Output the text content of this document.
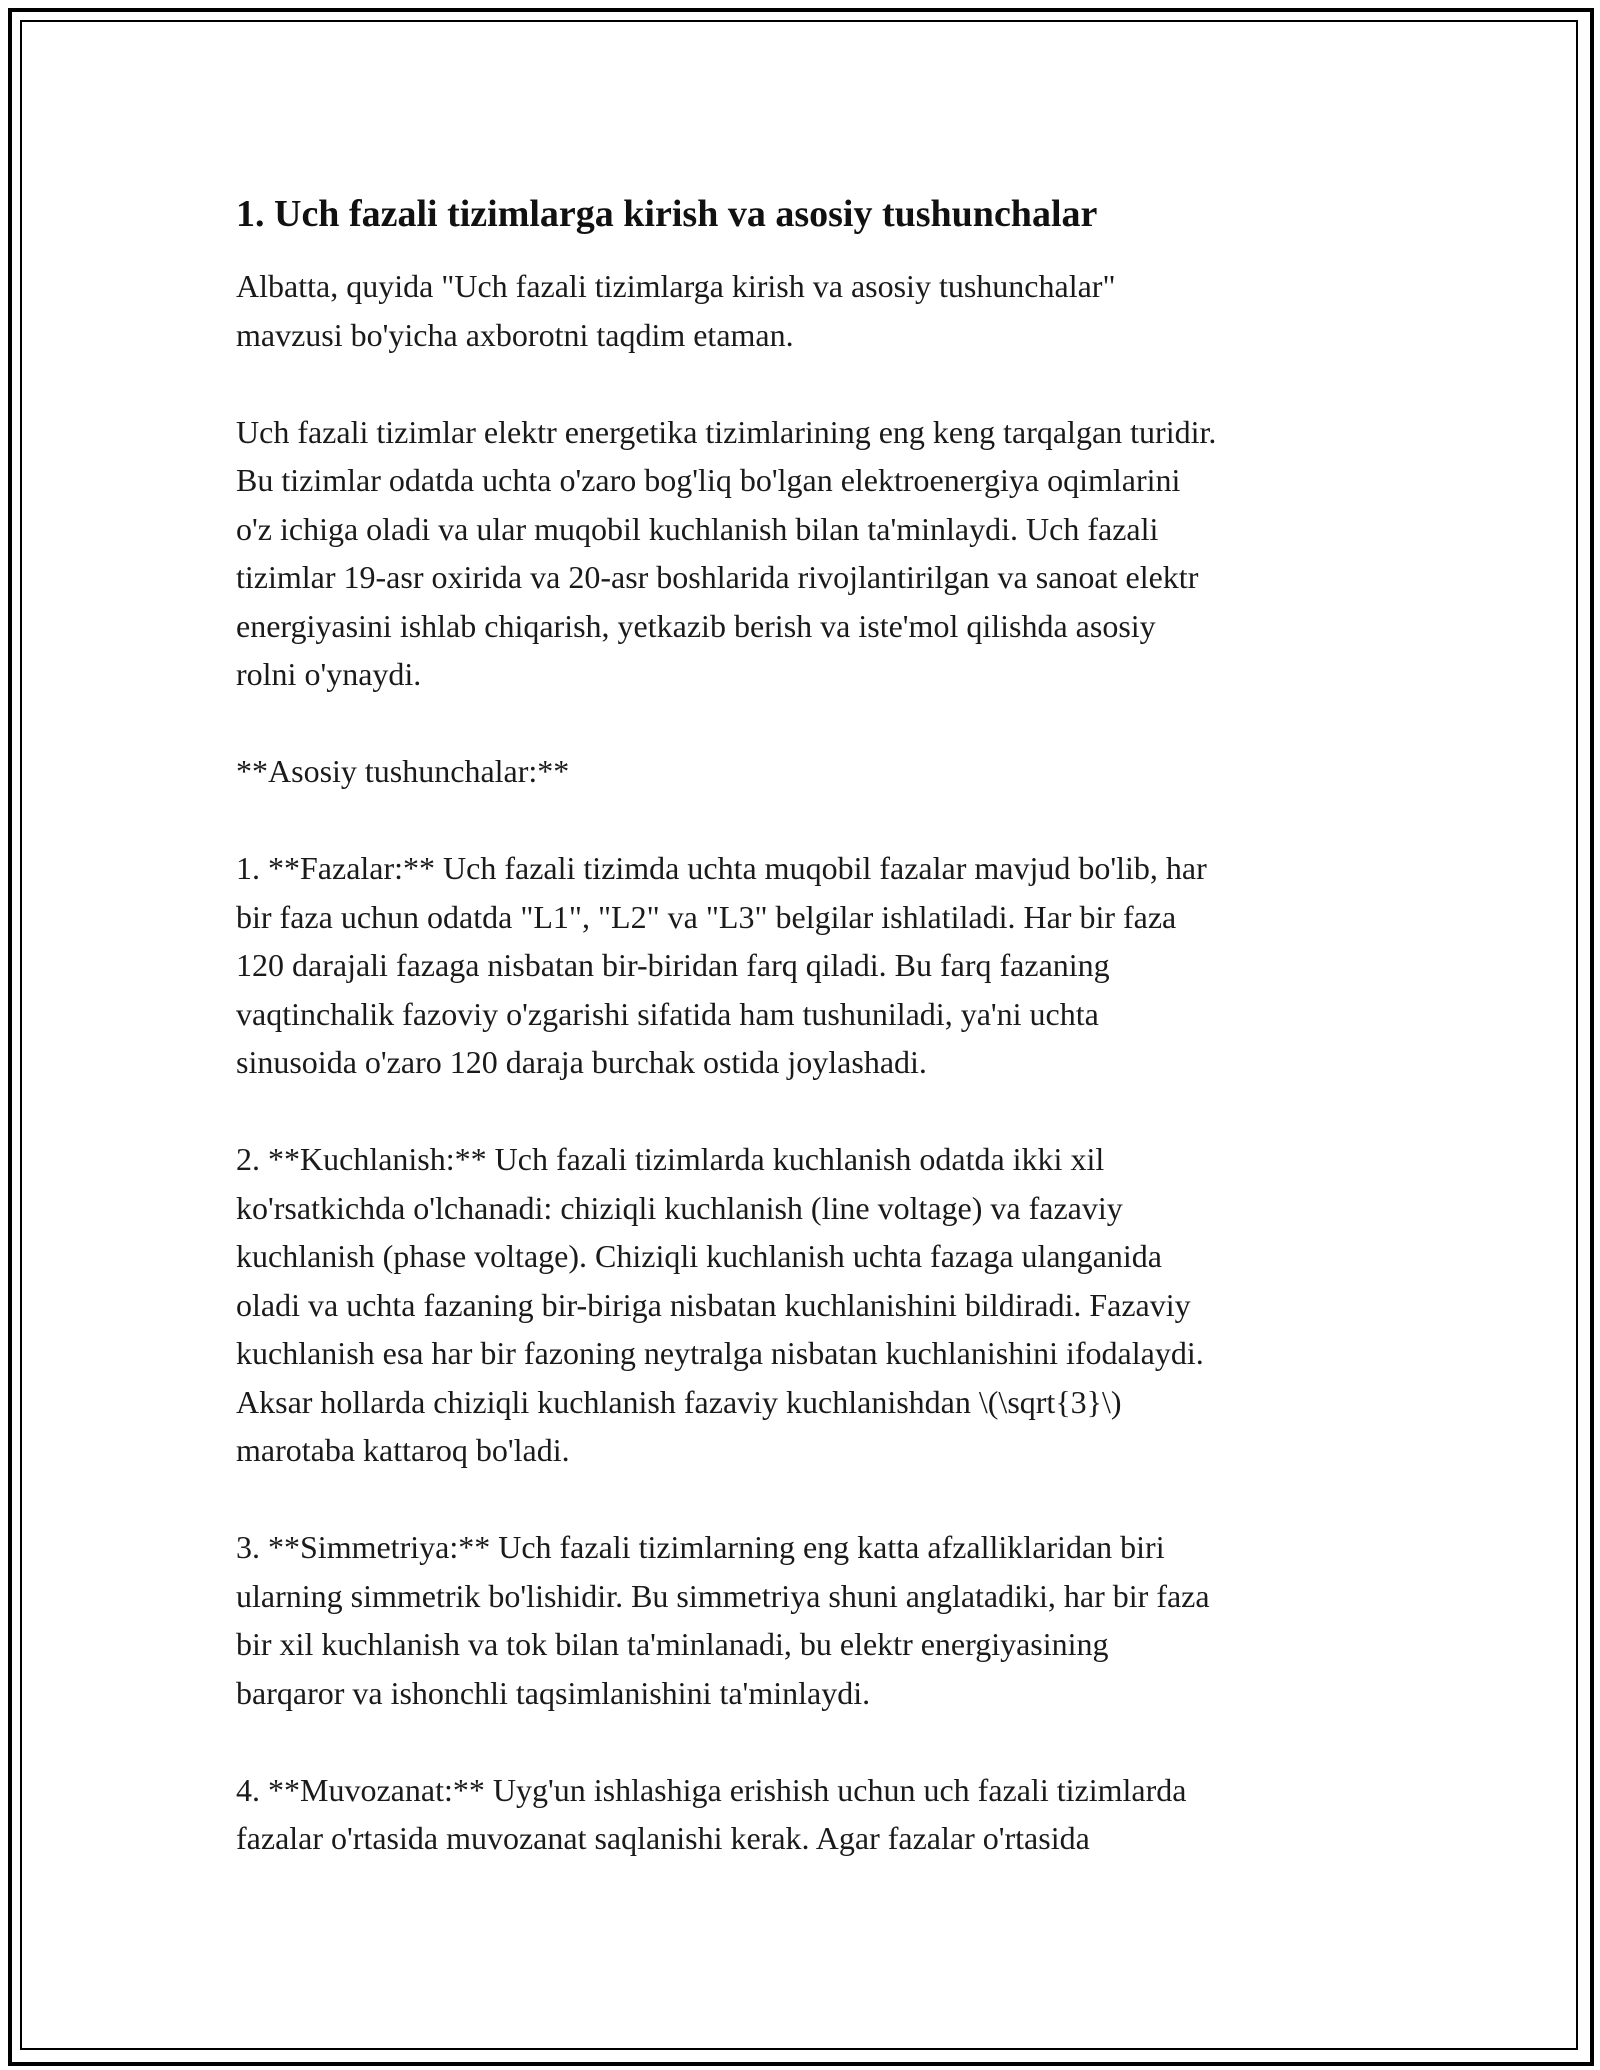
1. Uch fazali tizimlarga kirish va asosiy tushunchalar

Albatta, quyida "Uch fazali tizimlarga kirish va asosiy tushunchalar"
mavzusi bo'yicha axborotni taqdim etaman.

Uch fazali tizimlar elektr energetika tizimlarining eng keng tarqalgan turidir.
Bu tizimlar odatda uchta o'zaro bog'liq bo'lgan elektroenergiya oqimlarini
o'z ichiga oladi va ular muqobil kuchlanish bilan ta'minlaydi. Uch fazali
tizimlar 19-asr oxirida va 20-asr boshlarida rivojlantirilgan va sanoat elektr
energiyasini ishlab chiqarish, yetkazib berish va iste'mol qilishda asosiy
rolni o'ynaydi.

**Asosiy tushunchalar:**

1. **Fazalar:** Uch fazali tizimda uchta muqobil fazalar mavjud bo'lib, har
bir faza uchun odatda "L1", "L2" va "L3" belgilar ishlatiladi. Har bir faza
120 darajali fazaga nisbatan bir-biridan farq qiladi. Bu farq fazaning
vaqtinchalik fazoviy o'zgarishi sifatida ham tushuniladi, ya'ni uchta
sinusoida o'zaro 120 daraja burchak ostida joylashadi.

2. **Kuchlanish:** Uch fazali tizimlarda kuchlanish odatda ikki xil
ko'rsatkichda o'lchanadi: chiziqli kuchlanish (line voltage) va fazaviy
kuchlanish (phase voltage). Chiziqli kuchlanish uchta fazaga ulanganida
oladi va uchta fazaning bir-biriga nisbatan kuchlanishini bildiradi. Fazaviy
kuchlanish esa har bir fazoning neytralga nisbatan kuchlanishini ifodalaydi.
Aksar hollarda chiziqli kuchlanish fazaviy kuchlanishdan \(\sqrt{3}\)
marotaba kattaroq bo'ladi.

3. **Simmetriya:** Uch fazali tizimlarning eng katta afzalliklaridan biri
ularning simmetrik bo'lishidir. Bu simmetriya shuni anglatadiki, har bir faza
bir xil kuchlanish va tok bilan ta'minlanadi, bu elektr energiyasining
barqaror va ishonchli taqsimlanishini ta'minlaydi.

4. **Muvozanat:** Uyg'un ishlashiga erishish uchun uch fazali tizimlarda
fazalar o'rtasida muvozanat saqlanishi kerak. Agar fazalar o'rtasida
